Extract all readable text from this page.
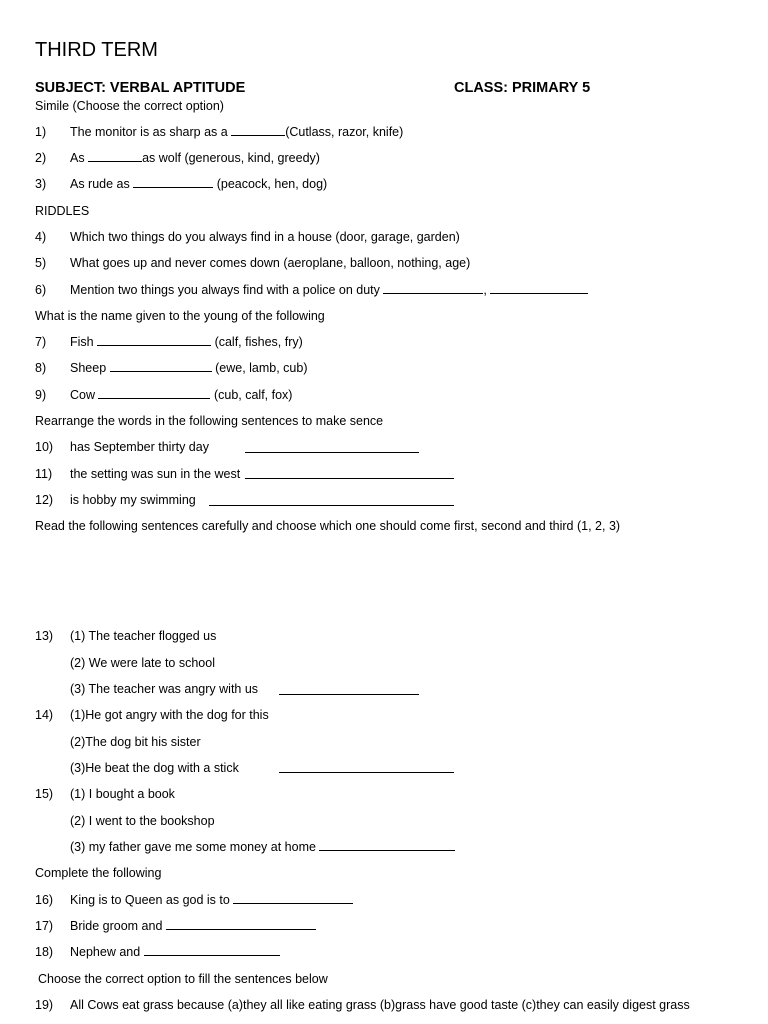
THIRD TERM
SUBJECT: VERBAL APTITUDE	CLASS: PRIMARY 5
Simile (Choose the correct option)
1) The monitor is as sharp as a	(Cutlass, razor, knife)
2) As	as wolf (generous, kind, greedy)
3) As rude as	(peacock, hen, dog)
RIDDLES
4) Which two things do you always find in a house (door, garage, garden)
5) What goes up and never comes down (aeroplane, balloon, nothing, age)
6) Mention two things you always find with a police on duty	,
What is the name given to the young of the following
7) Fish	(calf, fishes, fry)
8) Sheep	(ewe, lamb, cub)
9) Cow	(cub, calf, fox)
Rearrange the words in the following sentences to make sence
10) has September thirty day
11) the setting was sun in the west
12) is hobby my swimming
Read the following sentences carefully and choose which one should come first, second and third (1, 2, 3)
13) (1) The teacher flogged us
(2) We were late to school
(3) The teacher was angry with us
14) (1)He got angry with the dog for this
(2)The dog bit his sister
(3)He beat the dog with a stick
15) (1) I bought a book
(2) I went to the bookshop
(3) my father gave me some money at home
Complete the following
16) King is to Queen as god is to
17) Bride groom and
18) Nephew and
Choose the correct option to fill the sentences below
19) All Cows eat grass because (a)they all like eating grass (b)grass have good taste (c)they can easily digest grass
